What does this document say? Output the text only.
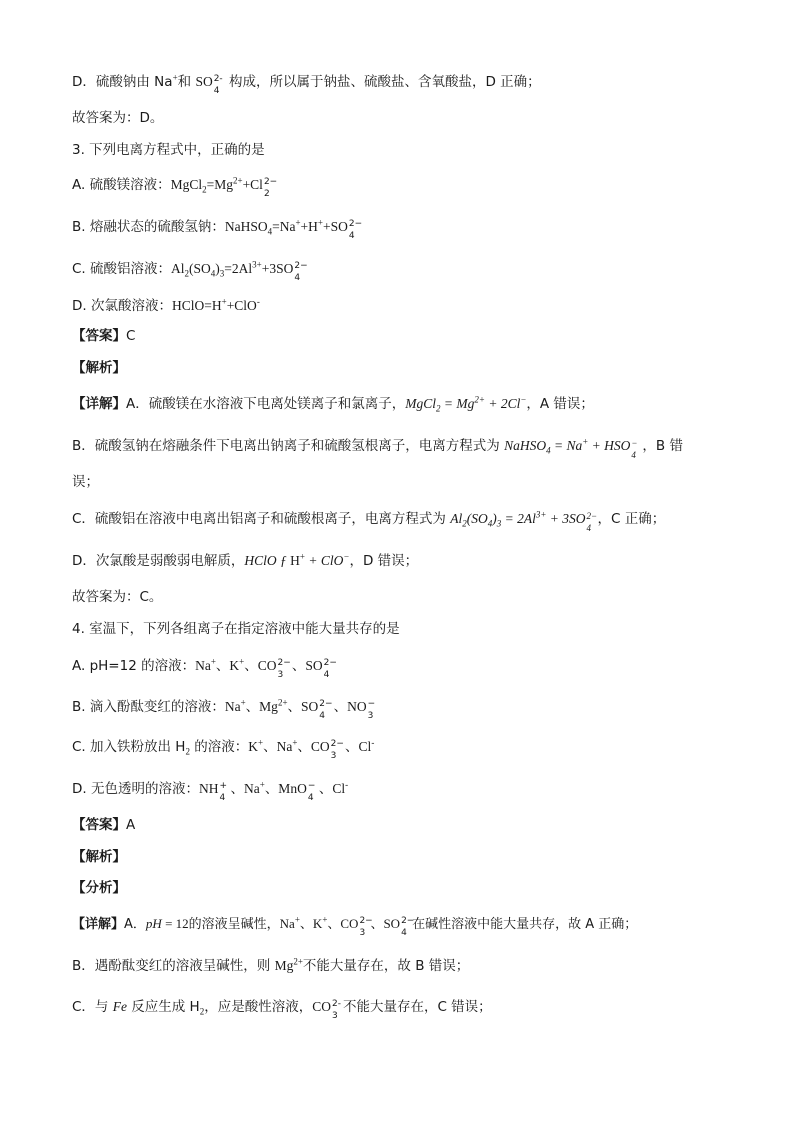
D．硫酸钠由 Na+和 SO 2-
4
构成，所以属于钠盐、硫酸盐、含氧酸盐，D 正确；
故答案为：D。
3. 下列电离方程式中，正确的是
A. 硫酸镁溶液：$MgCl_2=Mg^{2+}+Cl$ 2−
2
B. 熔融状态的硫酸氢钠：NaHSO$_4$=Na++H++SO 2−
4
C. 硫酸铝溶液：$Al_2(SO_4)_3=2Al^{3+}+3SO$ 2−
4
D. 次氯酸溶液：HClO=H++ClO-
【答案】C
【解析】
【详解】A．硫酸镁在水溶液下电离处镁离子和氯离子，MgCl$_2$ = $Mg^{2+} + 2Cl^-$，A 错误；
B．硫酸氢钠在熔融条件下电离出钠离子和硫酸氢根离子，电离方程式为 NaHSO$_4$ = Na+ + HSO −
4
，B 错
误；
C．硫酸铝在溶液中电离出铝离子和硫酸根离子，电离方程式为 $Al_2(SO_4)_3 = 2Al^{3+} + 3SO$ 2−
4
，C 正确；
D．次氯酸是弱酸弱电解质，HClO ƒ H+ + ClO−，D 错误；
故答案为：C。
4. 室温下，下列各组离子在指定溶液中能大量共存的是
A. pH=12 的溶液：Na+、K+、CO 2−
3
、SO 2−
4
B. 滴入酚酞变红的溶液：Na+、$Mg^{2+}$、SO 2−
4
、NO −
3
C. 加入铁粉放出 $H_2$ 的溶液：K+、Na+、CO 2−
3
、Cl-
D. 无色透明的溶液：NH +
4
、Na+、MnO −
4
、Cl-
【答案】A
【解析】
【分析】
【详解】A．pH = 12的溶液呈碱性，Na+、K+、CO 2−
3
、SO 2−
4
在碱性溶液中能大量共存，故 A 正确；
B．遇酚酞变红的溶液呈碱性，则 $Mg^{2+}$不能大量存在，故 B 错误；
C．与 Fe 反应生成 $H_2$，应是酸性溶液，CO 2-
3
不能大量存在，C 错误；
